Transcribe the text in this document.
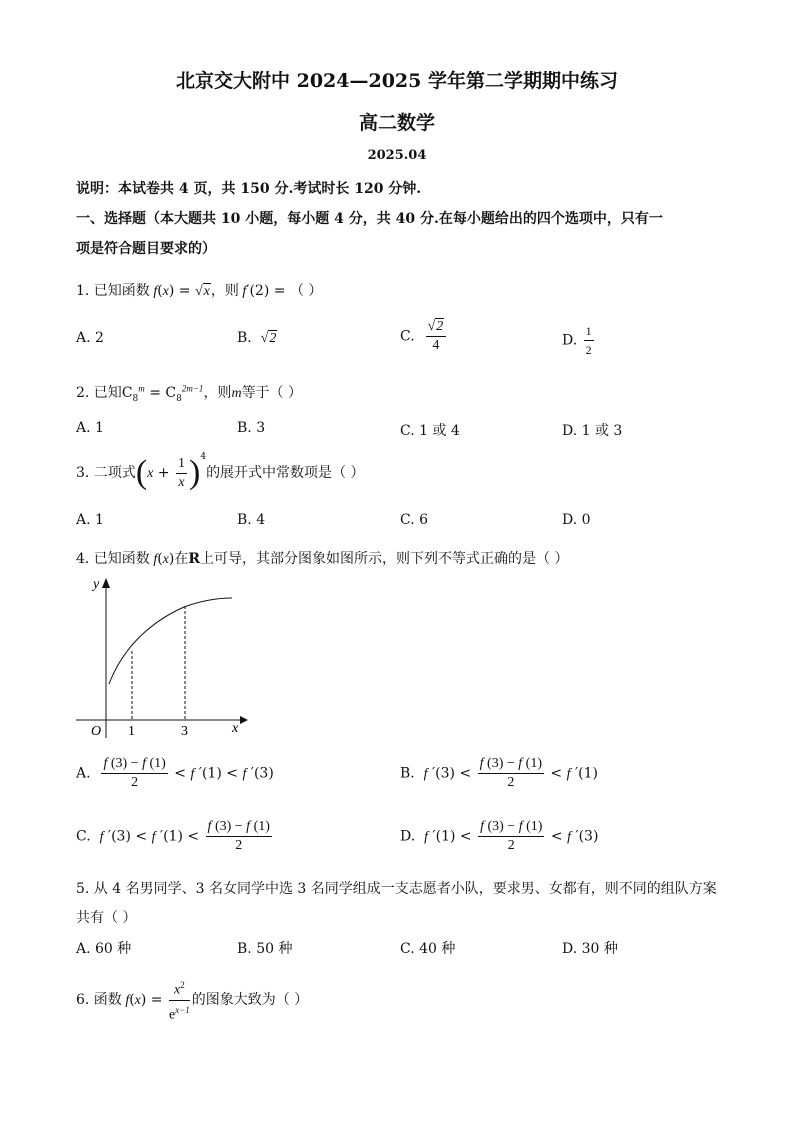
北京交大附中 2024—2025 学年第二学期期中练习
高二数学
2025.04
说明：本试卷共 4 页，共 150 分.考试时长 120 分钟.
一、选择题（本大题共 10 小题，每小题 4 分，共 40 分.在每小题给出的四个选项中，只有一
项是符合题目要求的）
1. 已知函数 f(x) = √x，则 f′(2) = （ ）
A. 2	B. √2	C. $\frac{√2}{4}$	D. $\frac{1}{2}$
2. 已知$C_8^m = C_8^{2m-1}$，则m等于（ ）
A. 1	B. 3	C. 1 或 4	D. 1 或 3
3. 二项式$(x + \frac{1}{x} )^4$的展开式中常数项是（ ）
A. 1	B. 4	C. 6	D. 0
4. 已知函数 f(x)在R上可导，其部分图象如图所示，则下列不等式正确的是（ ）
y
x
O 1	3
A. $\frac{f (3) - f (1)}{2} < f$ ′(1) < f ′(3)	B. f $'(3) < \frac{f (3) - f (1)}{2} < f$ ′(1)
C. f ′(3) < f $'(1) < \frac{f (3) - f (1)}{2}$	D. f $'(1) < \frac{f (3) - f (1)}{2} < f$ ′(3)
5. 从 4 名男同学、3 名女同学中选 3 名同学组成一支志愿者小队，要求男、女都有，则不同的组队方案
共有（ ）
A. 60 种	B. 50 种	C. 40 种	D. 30 种
6. 函数 $f(x) = \frac{x^2}{e^{x-1}}$ 的图象大致为（ ）
